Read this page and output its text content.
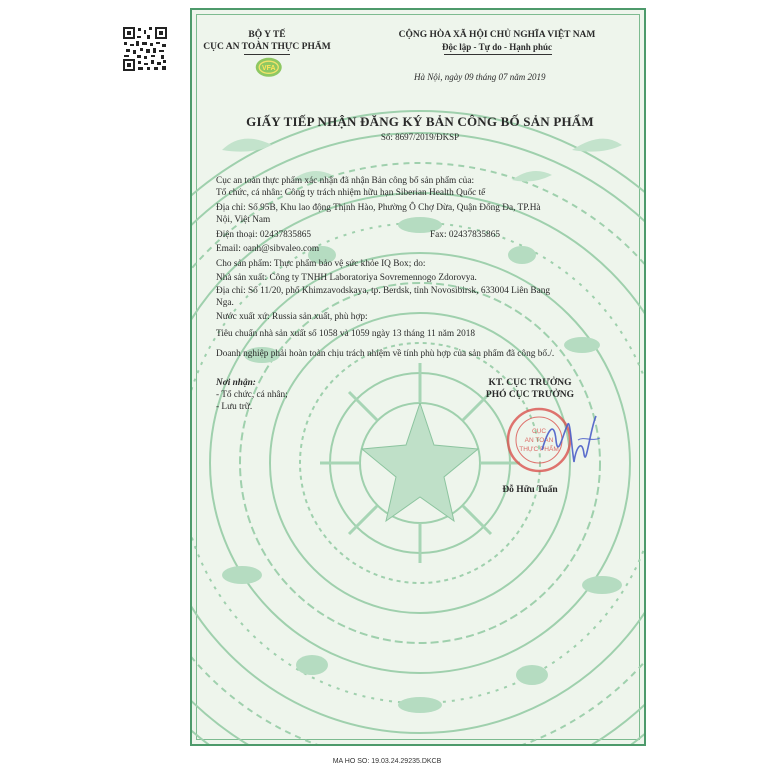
BỘ Y TẾ
CỤC AN TOÀN THỰC PHẨM
VFA
CỘNG HÒA XÃ HỘI CHỦ NGHĨA VIỆT NAM
Độc lập - Tự do - Hạnh phúc
Hà Nội, ngày 09 tháng 07 năm 2019
GIẤY TIẾP NHẬN ĐĂNG KÝ BẢN CÔNG BỐ SẢN PHẨM
Số: 8697/2019/ĐKSP
Cục an toàn thực phẩm xác nhận đã nhận Bản công bố sản phẩm của:
Tổ chức, cá nhân: Công ty trách nhiệm hữu hạn Siberian Health Quốc tế
Địa chỉ: Số 95B, Khu lao động Thịnh Hào, Phường Ô Chợ Dừa, Quận Đống Đa, TP.Hà
Nội, Việt Nam
Điện thoại: 02437835865	Fax: 02437835865
Email: oanh@sibvaleo.com
Cho sản phẩm: Thực phẩm bảo vệ sức khỏe IQ Box; do:
Nhà sản xuất: Công ty TNHH Laboratoriya Sovremennogo Zdorovya.
Địa chỉ: Số 11/20, phố Khimzavodskaya, tp. Berdsk, tỉnh Novosibirsk, 633004 Liên Bang
Nga.
Nước xuất xứ: Russia sản xuất, phù hợp:
Tiêu chuẩn nhà sản xuất số 1058 và 1059 ngày 13 tháng 11 năm 2018
Doanh nghiệp phải hoàn toàn chịu trách nhiệm về tính phù hợp của sản phẩm đã công bố./.
Nơi nhận:
- Tổ chức, cá nhân;
- Lưu trữ.
KT. CỤC TRƯỞNG
PHÓ CỤC TRƯỞNG
CỤC
AN TOÀN
THỰC PHẨM
Đỗ Hữu Tuấn
MA HO SO: 19.03.24.29235.DKCB
